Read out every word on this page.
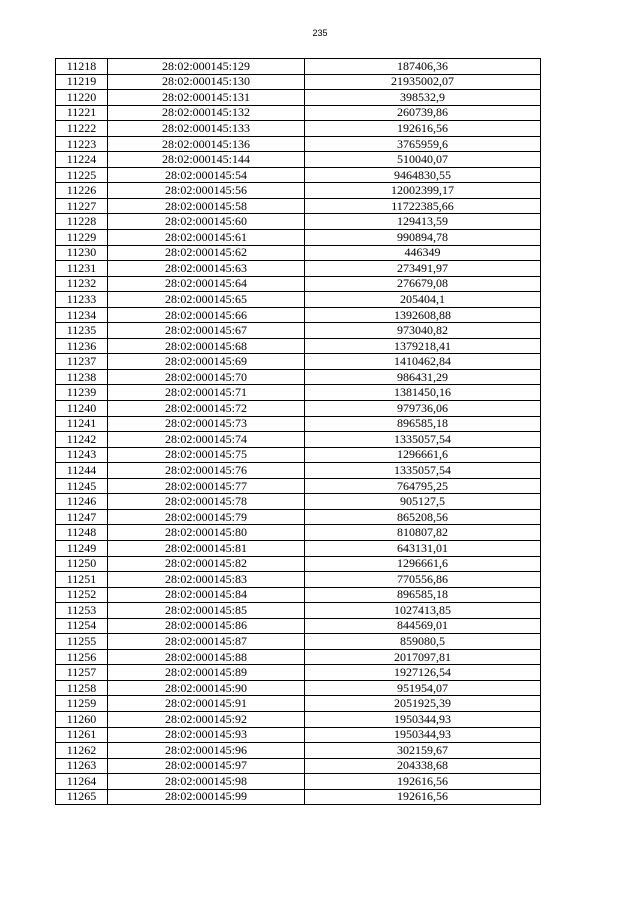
235
11218	28:02:000145:129	187406,36
11219	28:02:000145:130	21935002,07
11220	28:02:000145:131	398532,9
11221	28:02:000145:132	260739,86
11222	28:02:000145:133	192616,56
11223	28:02:000145:136	3765959,6
11224	28:02:000145:144	510040,07
11225	28:02:000145:54	9464830,55
11226	28:02:000145:56	12002399,17
11227	28:02:000145:58	11722385,66
11228	28:02:000145:60	129413,59
11229	28:02:000145:61	990894,78
11230	28:02:000145:62	446349
11231	28:02:000145:63	273491,97
11232	28:02:000145:64	276679,08
11233	28:02:000145:65	205404,1
11234	28:02:000145:66	1392608,88
11235	28:02:000145:67	973040,82
11236	28:02:000145:68	1379218,41
11237	28:02:000145:69	1410462,84
11238	28:02:000145:70	986431,29
11239	28:02:000145:71	1381450,16
11240	28:02:000145:72	979736,06
11241	28:02:000145:73	896585,18
11242	28:02:000145:74	1335057,54
11243	28:02:000145:75	1296661,6
11244	28:02:000145:76	1335057,54
11245	28:02:000145:77	764795,25
11246	28:02:000145:78	905127,5
11247	28:02:000145:79	865208,56
11248	28:02:000145:80	810807,82
11249	28:02:000145:81	643131,01
11250	28:02:000145:82	1296661,6
11251	28:02:000145:83	770556,86
11252	28:02:000145:84	896585,18
11253	28:02:000145:85	1027413,85
11254	28:02:000145:86	844569,01
11255	28:02:000145:87	859080,5
11256	28:02:000145:88	2017097,81
11257	28:02:000145:89	1927126,54
11258	28:02:000145:90	951954,07
11259	28:02:000145:91	2051925,39
11260	28:02:000145:92	1950344,93
11261	28:02:000145:93	1950344,93
11262	28:02:000145:96	302159,67
11263	28:02:000145:97	204338,68
11264	28:02:000145:98	192616,56
11265	28:02:000145:99	192616,56
